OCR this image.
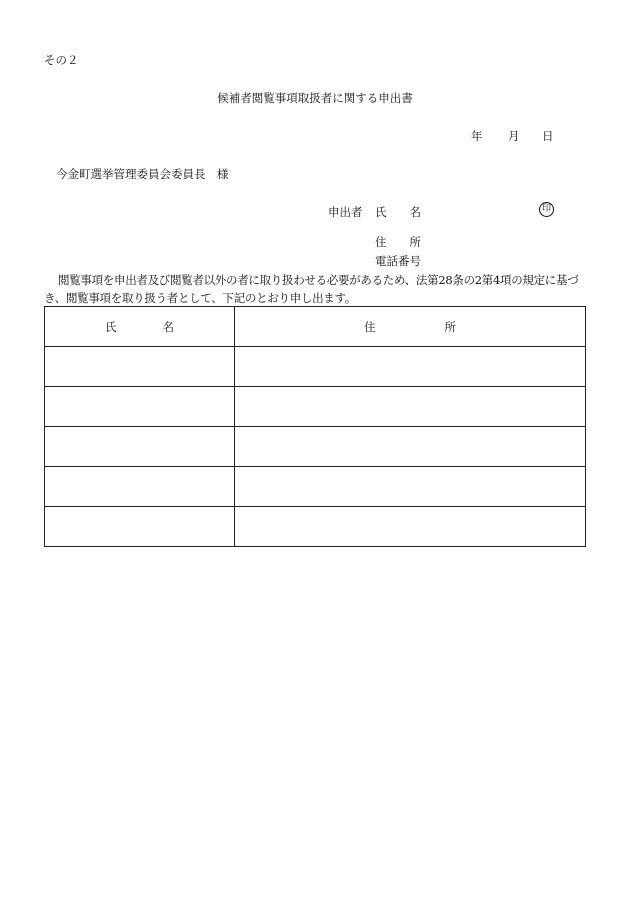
その２
候補者閲覧事項取扱者に関する申出書
年 月 日
今金町選挙管理委員会委員長　様
申出者 氏　　名	印
住　　所
電話番号
閲覧事項を申出者及び閲覧者以外の者に取り扱わせる必要があるため、法第28条の2第4項の規定に基づき、閲覧事項を取り扱う者として、下記のとおり申し出ます。
氏　　　　名	住　　　　　　所
